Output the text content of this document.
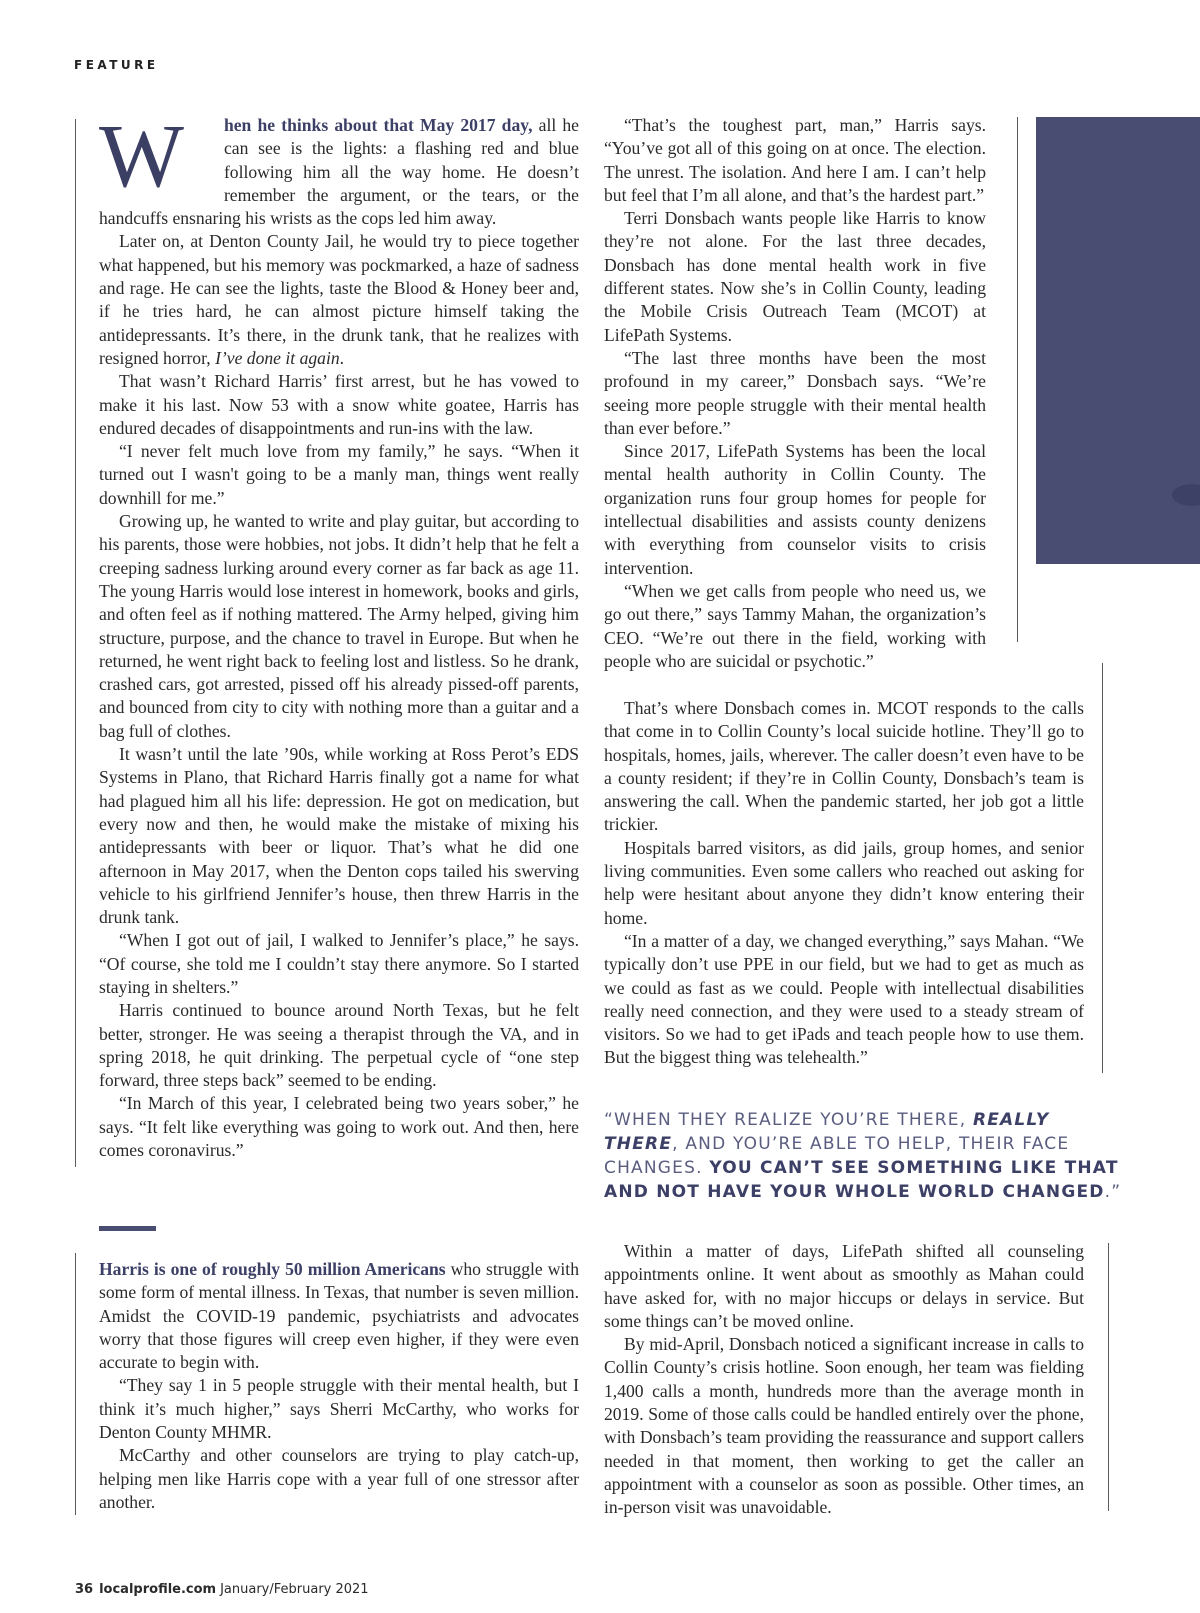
FEATURE

W	hen he thinks about that May 2017 day, all he can see is the lights: a flashing red and blue following him all the way home. He doesn’t remember the argument, or the tears, or the handcuffs ensnaring his wrists as the cops led him away.

Later on, at Denton County Jail, he would try to piece together what happened, but his memory was pockmarked, a haze of sadness and rage. He can see the lights, taste the Blood & Honey beer and, if he tries hard, he can almost picture himself taking the antidepressants. It’s there, in the drunk tank, that he realizes with resigned horror, I’ve done it again.

That wasn’t Richard Harris’ first arrest, but he has vowed to make it his last. Now 53 with a snow white goatee, Harris has endured decades of disappointments and run-ins with the law.

“I never felt much love from my family,” he says. “When it turned out I wasn't going to be a manly man, things went really downhill for me.”

Growing up, he wanted to write and play guitar, but according to his parents, those were hobbies, not jobs. It didn’t help that he felt a creeping sadness lurking around every corner as far back as age 11. The young Harris would lose interest in homework, books and girls, and often feel as if nothing mattered. The Army helped, giving him structure, purpose, and the chance to travel in Europe. But when he returned, he went right back to feeling lost and listless. So he drank, crashed cars, got arrested, pissed off his already pissed-off parents, and bounced from city to city with nothing more than a guitar and a bag full of clothes.

It wasn’t until the late ’90s, while working at Ross Perot’s EDS Systems in Plano, that Richard Harris finally got a name for what had plagued him all his life: depression. He got on medication, but every now and then, he would make the mistake of mixing his antidepressants with beer or liquor. That’s what he did one afternoon in May 2017, when the Denton cops tailed his swerving vehicle to his girlfriend Jennifer’s house, then threw Harris in the drunk tank.

“When I got out of jail, I walked to Jennifer’s place,” he says. “Of course, she told me I couldn’t stay there anymore. So I started staying in shelters.”

Harris continued to bounce around North Texas, but he felt better, stronger. He was seeing a therapist through the VA, and in spring 2018, he quit drinking. The perpetual cycle of “one step forward, three steps back” seemed to be ending.

“In March of this year, I celebrated being two years sober,” he says. “It felt like everything was going to work out. And then, here comes coronavirus.”

Harris is one of roughly 50 million Americans who struggle with some form of mental illness. In Texas, that number is seven million. Amidst the COVID-19 pandemic, psychiatrists and advocates worry that those figures will creep even higher, if they were even accurate to begin with.

“They say 1 in 5 people struggle with their mental health, but I think it’s much higher,” says Sherri McCarthy, who works for Denton County MHMR.

McCarthy and other counselors are trying to play catch-up, helping men like Harris cope with a year full of one stressor after another.

“That’s the toughest part, man,” Harris says. “You’ve got all of this going on at once. The election. The unrest. The isolation. And here I am. I can’t help but feel that I’m all alone, and that’s the hardest part.”

Terri Donsbach wants people like Harris to know they’re not alone. For the last three decades, Donsbach has done mental health work in five different states. Now she’s in Collin County, leading the Mobile Crisis Outreach Team (MCOT) at LifePath Systems.

“The last three months have been the most profound in my career,” Donsbach says. “We’re seeing more people struggle with their mental health than ever before.”

Since 2017, LifePath Systems has been the local mental health authority in Collin County. The organization runs four group homes for people for intellectual disabilities and assists county denizens with everything from counselor visits to crisis intervention.

“When we get calls from people who need us, we go out there,” says Tammy Mahan, the organization’s CEO. “We’re out there in the field, working with people who are suicidal or psychotic.”

That’s where Donsbach comes in. MCOT responds to the calls that come in to Collin County’s local suicide hotline. They’ll go to hospitals, homes, jails, wherever. The caller doesn’t even have to be a county resident; if they’re in Collin County, Donsbach’s team is answering the call. When the pandemic started, her job got a little trickier.

Hospitals barred visitors, as did jails, group homes, and senior living communities. Even some callers who reached out asking for help were hesitant about anyone they didn’t know entering their home.

“In a matter of a day, we changed everything,” says Mahan. “We typically don’t use PPE in our field, but we had to get as much as we could as fast as we could. People with intellectual disabilities really need connection, and they were used to a steady stream of visitors. So we had to get iPads and teach people how to use them. But the biggest thing was telehealth.”

“WHEN THEY REALIZE YOU’RE THERE, REALLY THERE, AND YOU’RE ABLE TO HELP, THEIR FACE CHANGES. YOU CAN’T SEE SOMETHING LIKE THAT AND NOT HAVE YOUR WHOLE WORLD CHANGED.”

Within a matter of days, LifePath shifted all counseling appointments online. It went about as smoothly as Mahan could have asked for, with no major hiccups or delays in service. But some things can’t be moved online.

By mid-April, Donsbach noticed a significant increase in calls to Collin County’s crisis hotline. Soon enough, her team was fielding 1,400 calls a month, hundreds more than the average month in 2019. Some of those calls could be handled entirely over the phone, with Donsbach’s team providing the reassurance and support callers needed in that moment, then working to get the caller an appointment with a counselor as soon as possible. Other times, an in-person visit was unavoidable.

36 localprofile.com January/February 2021
